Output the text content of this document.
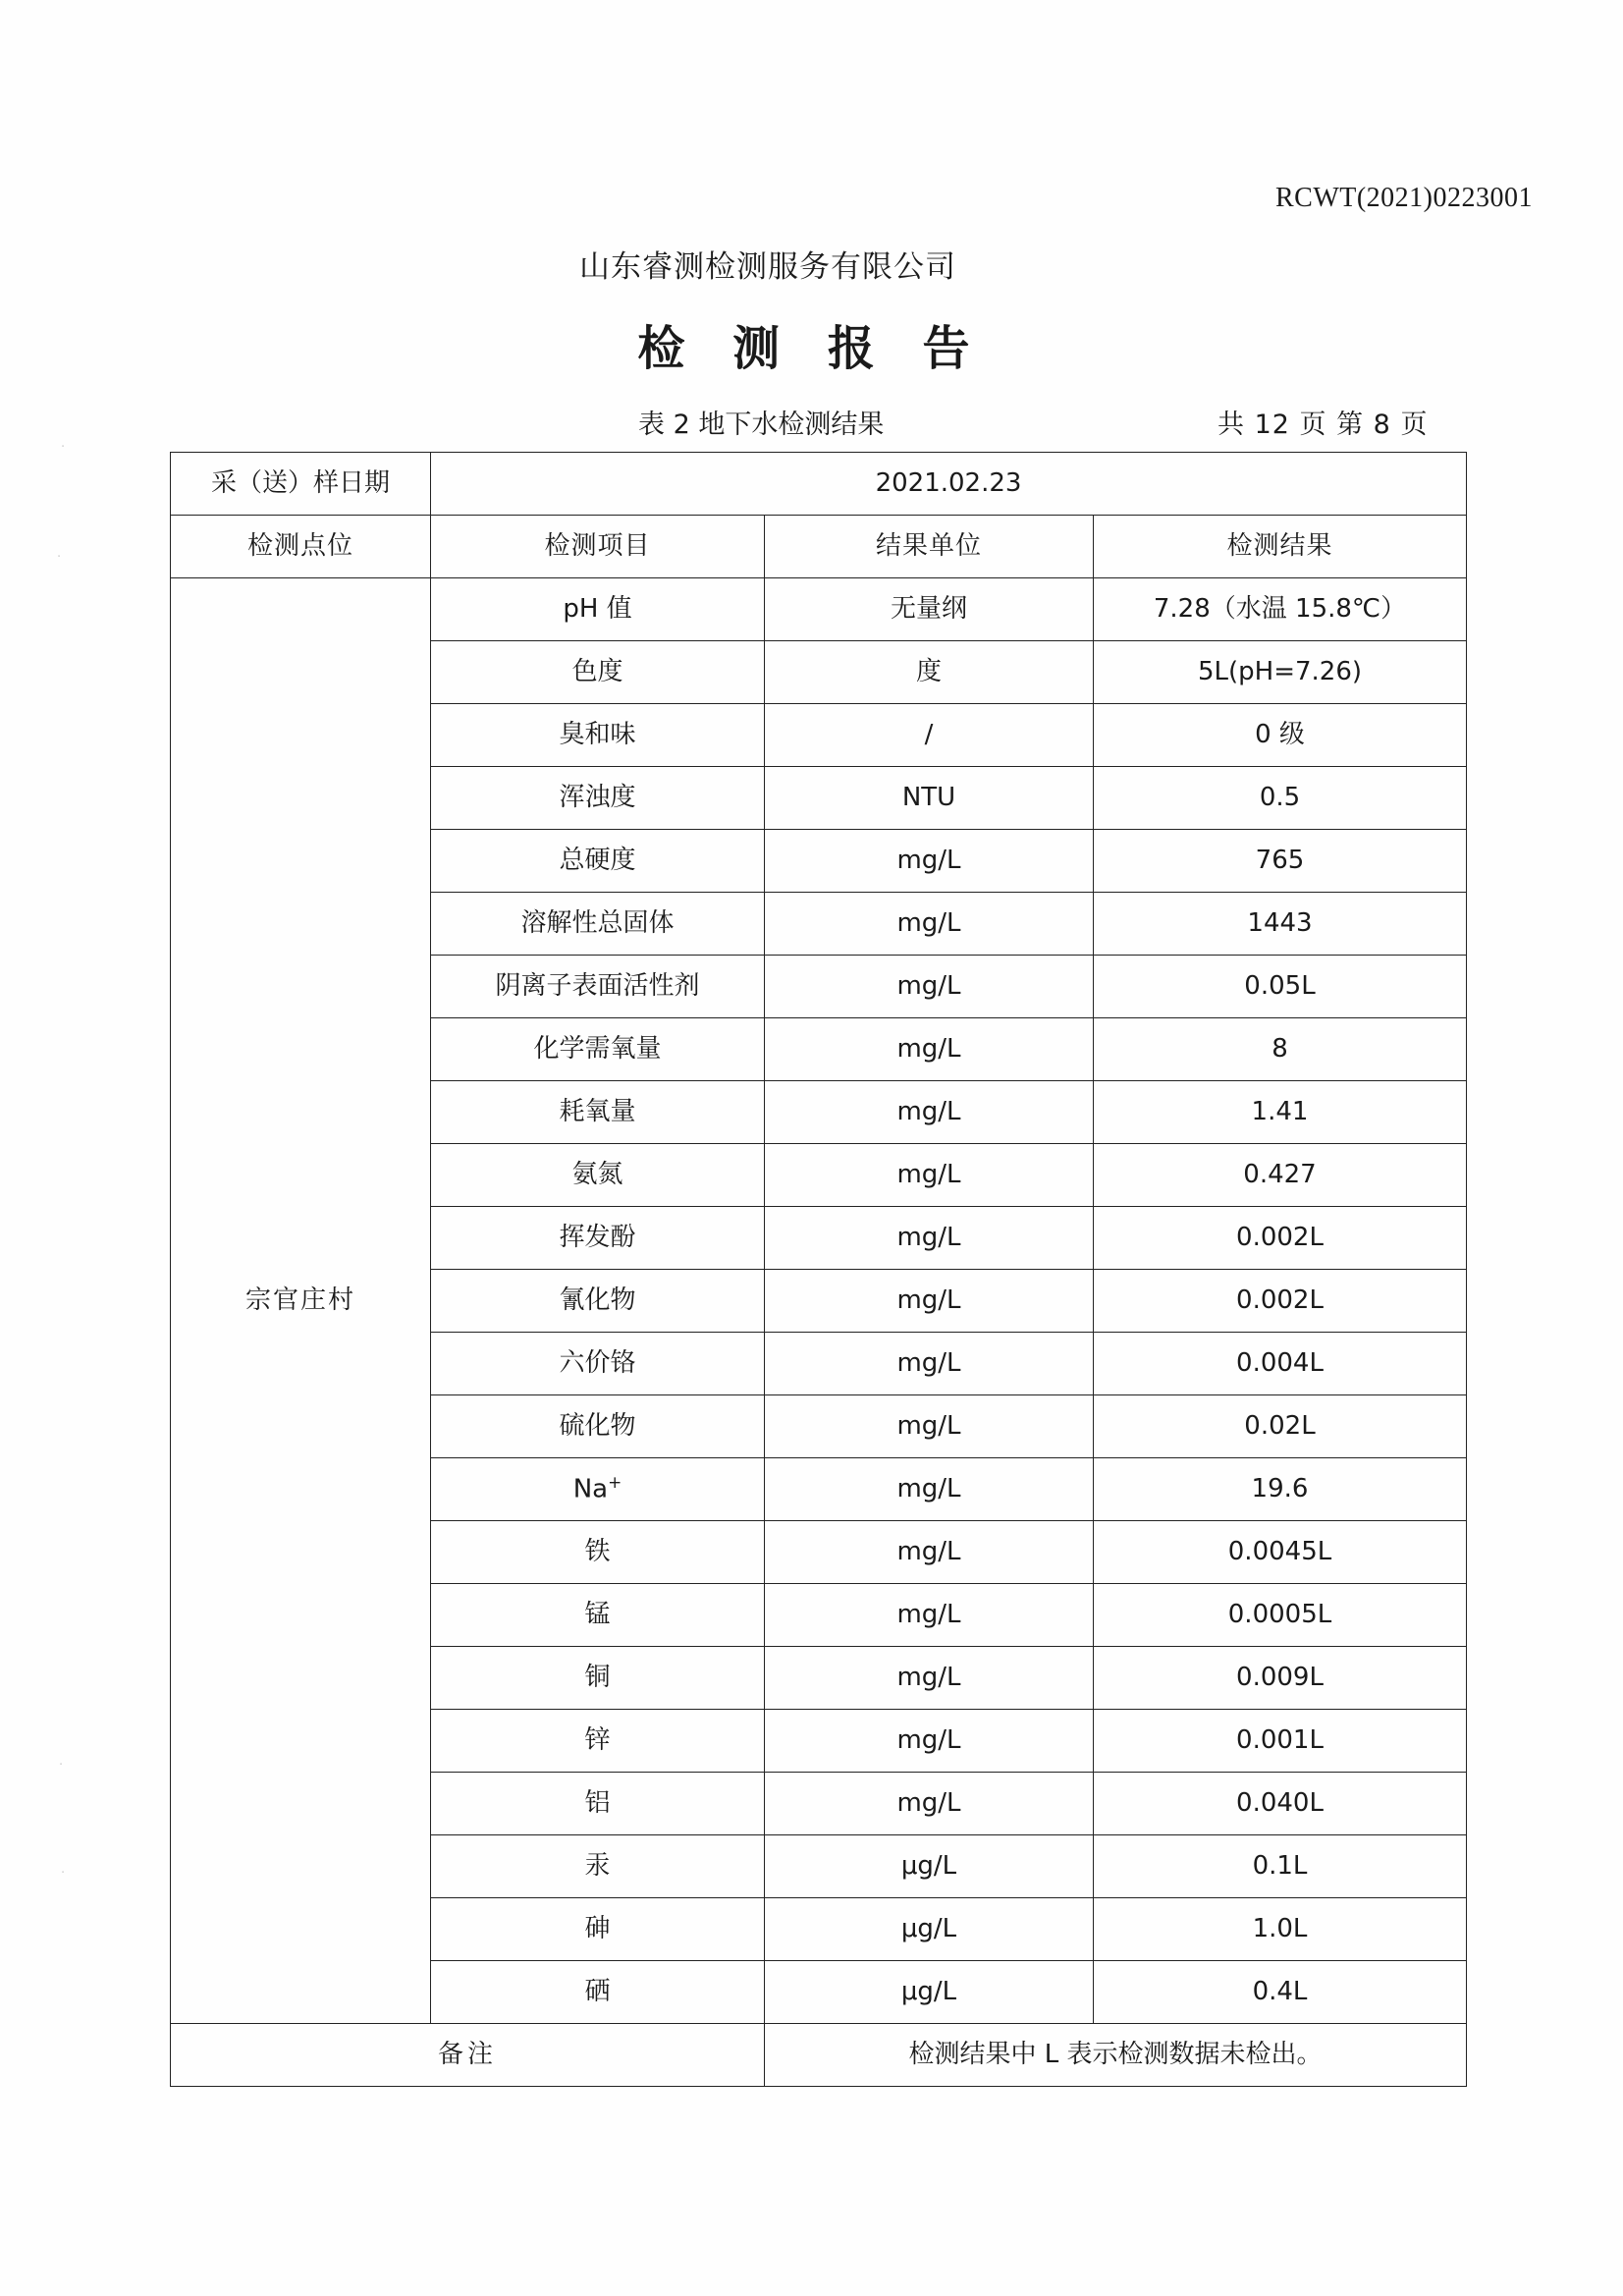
·
·
·
·
RCWT(2021)0223001
山东睿测检测服务有限公司
检 测 报 告
表 2 地下水检测结果	共 12 页 第 8 页
采（送）样日期	2021.02.23		
检测点位	检测项目	结果单位	检测结果
宗官庄村	pH 值	无量纲	7.28（水温 15.8℃）
	色度	度	5L(pH=7.26)
	臭和味	/	0 级
	浑浊度	NTU	0.5
	总硬度	mg/L	765
	溶解性总固体	mg/L	1443
	阴离子表面活性剂	mg/L	0.05L
	化学需氧量	mg/L	8
	耗氧量	mg/L	1.41
	氨氮	mg/L	0.427
	挥发酚	mg/L	0.002L
	氰化物	mg/L	0.002L
	六价铬	mg/L	0.004L
	硫化物	mg/L	0.02L
	Na+	mg/L	19.6
	铁	mg/L	0.0045L
	锰	mg/L	0.0005L
	铜	mg/L	0.009L
	锌	mg/L	0.001L
	铝	mg/L	0.040L
	汞	μg/L	0.1L
	砷	μg/L	1.0L
	硒	μg/L	0.4L
备注		检测结果中 L 表示检测数据未检出。	
